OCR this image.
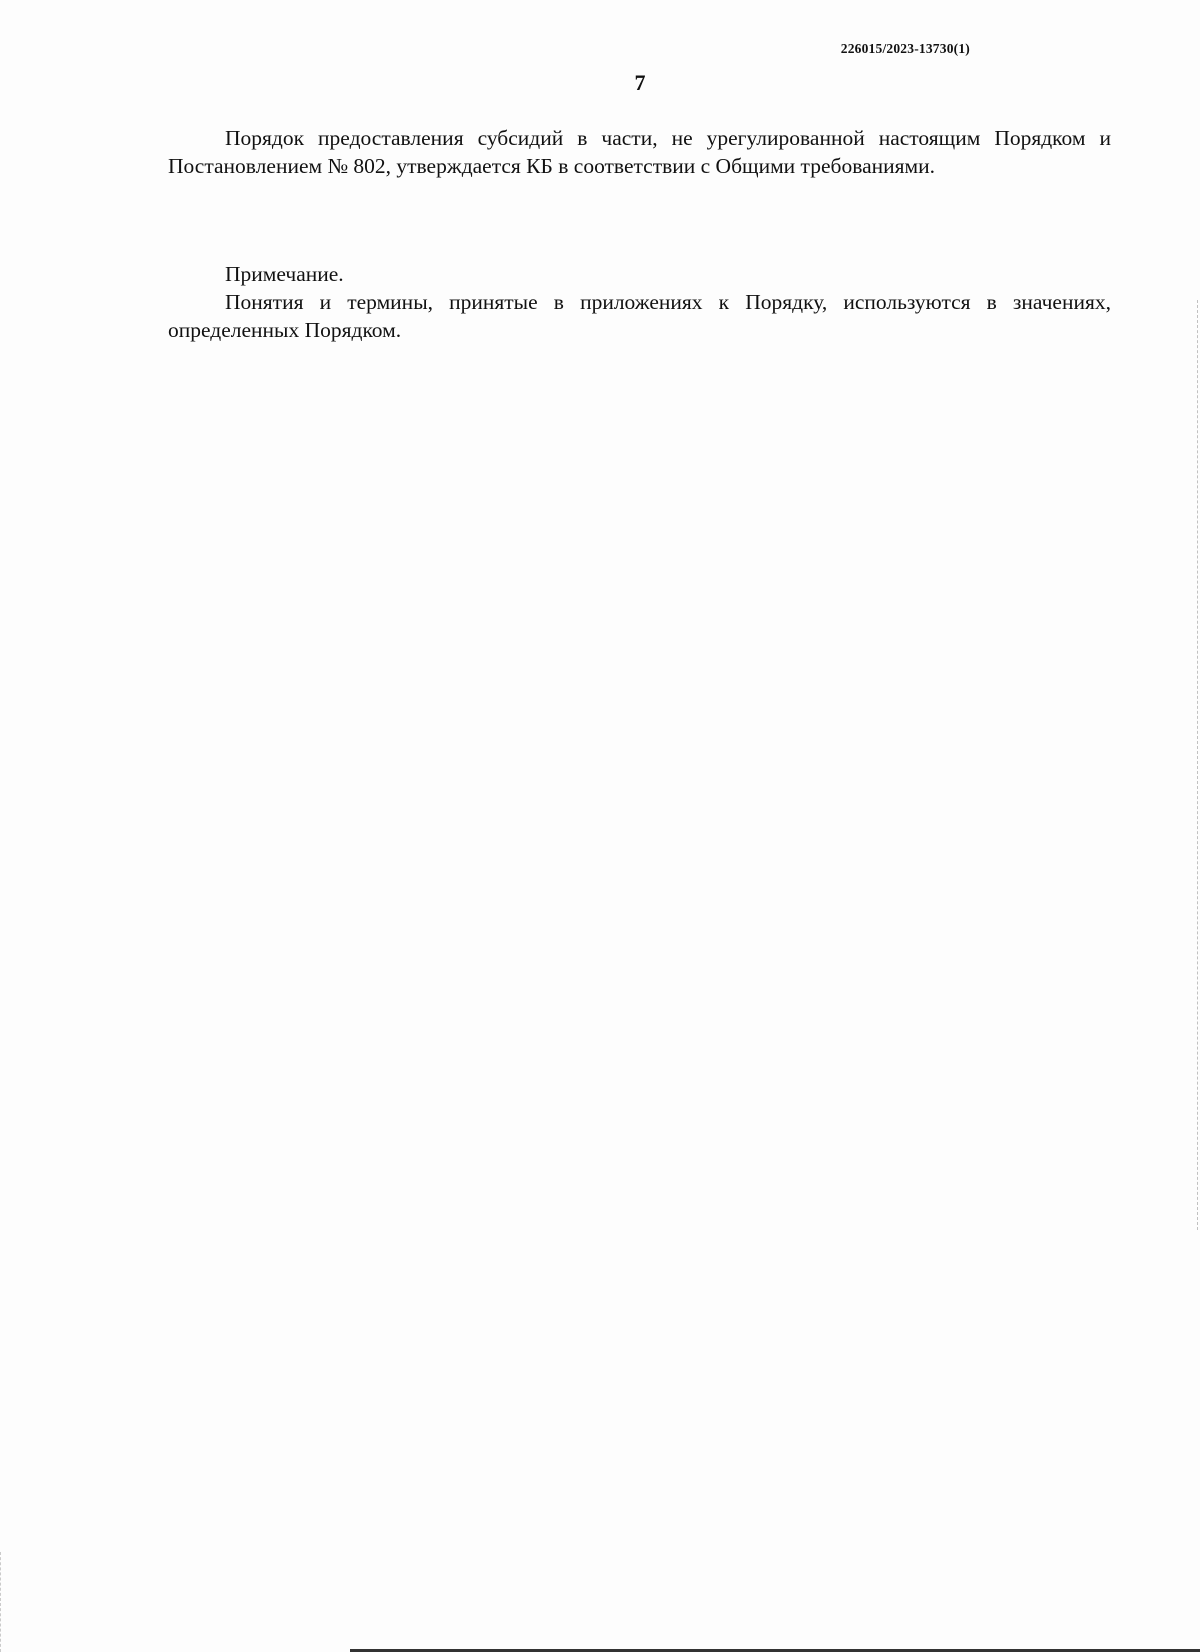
226015/2023-13730(1)
7

Порядок предоставления субсидий в части, не урегулированной настоящим Порядком и Постановлением № 802, утверждается КБ в соответствии с Общими требованиями.

Примечание.

Понятия и термины, принятые в приложениях к Порядку, используются в значениях, определенных Порядком.
